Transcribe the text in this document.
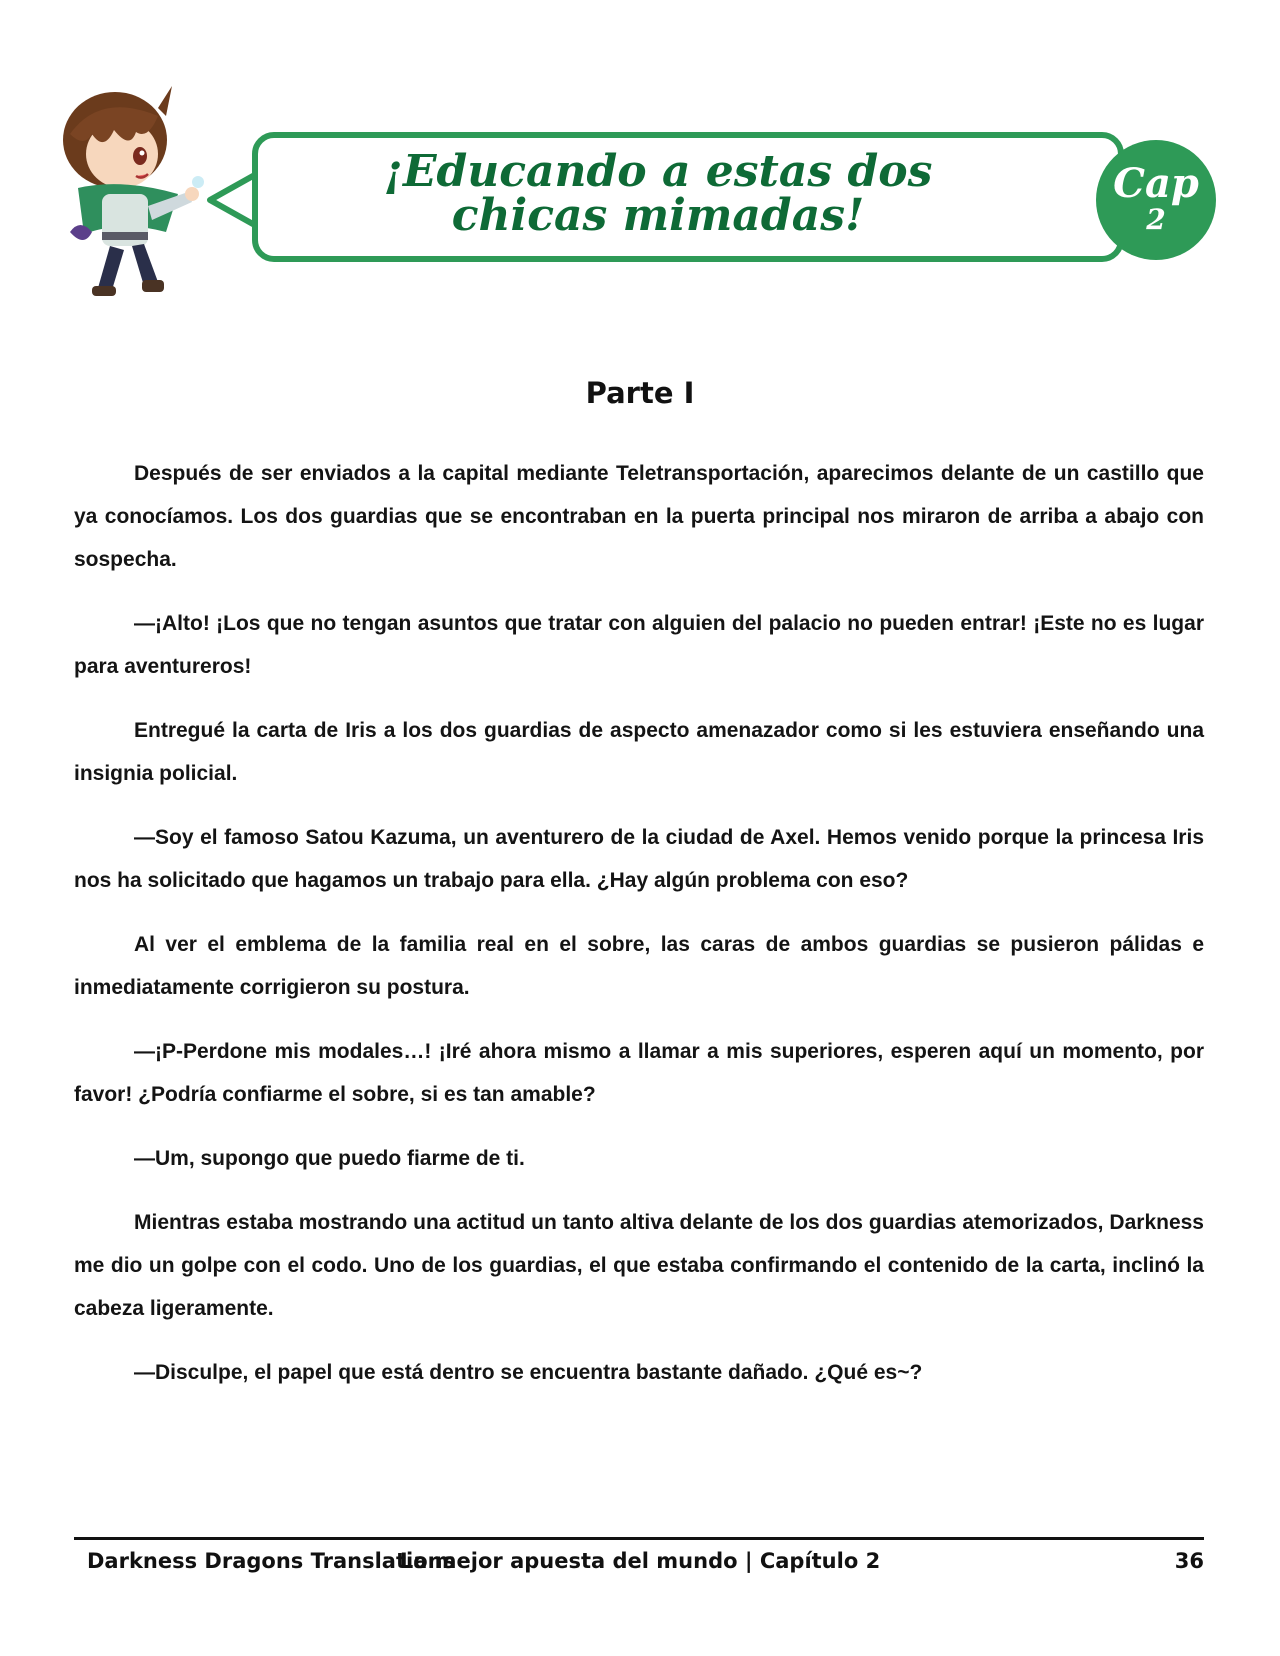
¡Educando a estas dos
chicas mimadas!
Cap
2
Parte I

Después de ser enviados a la capital mediante Teletransportación, aparecimos delante de un castillo que ya conocíamos. Los dos guardias que se encontraban en la puerta principal nos miraron de arriba a abajo con sospecha.

—¡Alto! ¡Los que no tengan asuntos que tratar con alguien del palacio no pueden entrar! ¡Este no es lugar para aventureros!

Entregué la carta de Iris a los dos guardias de aspecto amenazador como si les estuviera enseñando una insignia policial.

—Soy el famoso Satou Kazuma, un aventurero de la ciudad de Axel. Hemos venido porque la princesa Iris nos ha solicitado que hagamos un trabajo para ella. ¿Hay algún problema con eso?

Al ver el emblema de la familia real en el sobre, las caras de ambos guardias se pusieron pálidas e inmediatamente corrigieron su postura.

—¡P-Perdone mis modales…! ¡Iré ahora mismo a llamar a mis superiores, esperen aquí un momento, por favor! ¿Podría confiarme el sobre, si es tan amable?

—Um, supongo que puedo fiarme de ti.

Mientras estaba mostrando una actitud un tanto altiva delante de los dos guardias atemorizados, Darkness me dio un golpe con el codo. Uno de los guardias, el que estaba confirmando el contenido de la carta, inclinó la cabeza ligeramente.

—Disculpe, el papel que está dentro se encuentra bastante dañado. ¿Qué es~?

Darkness Dragons Translations
La mejor apuesta del mundo | Capítulo 2	36
